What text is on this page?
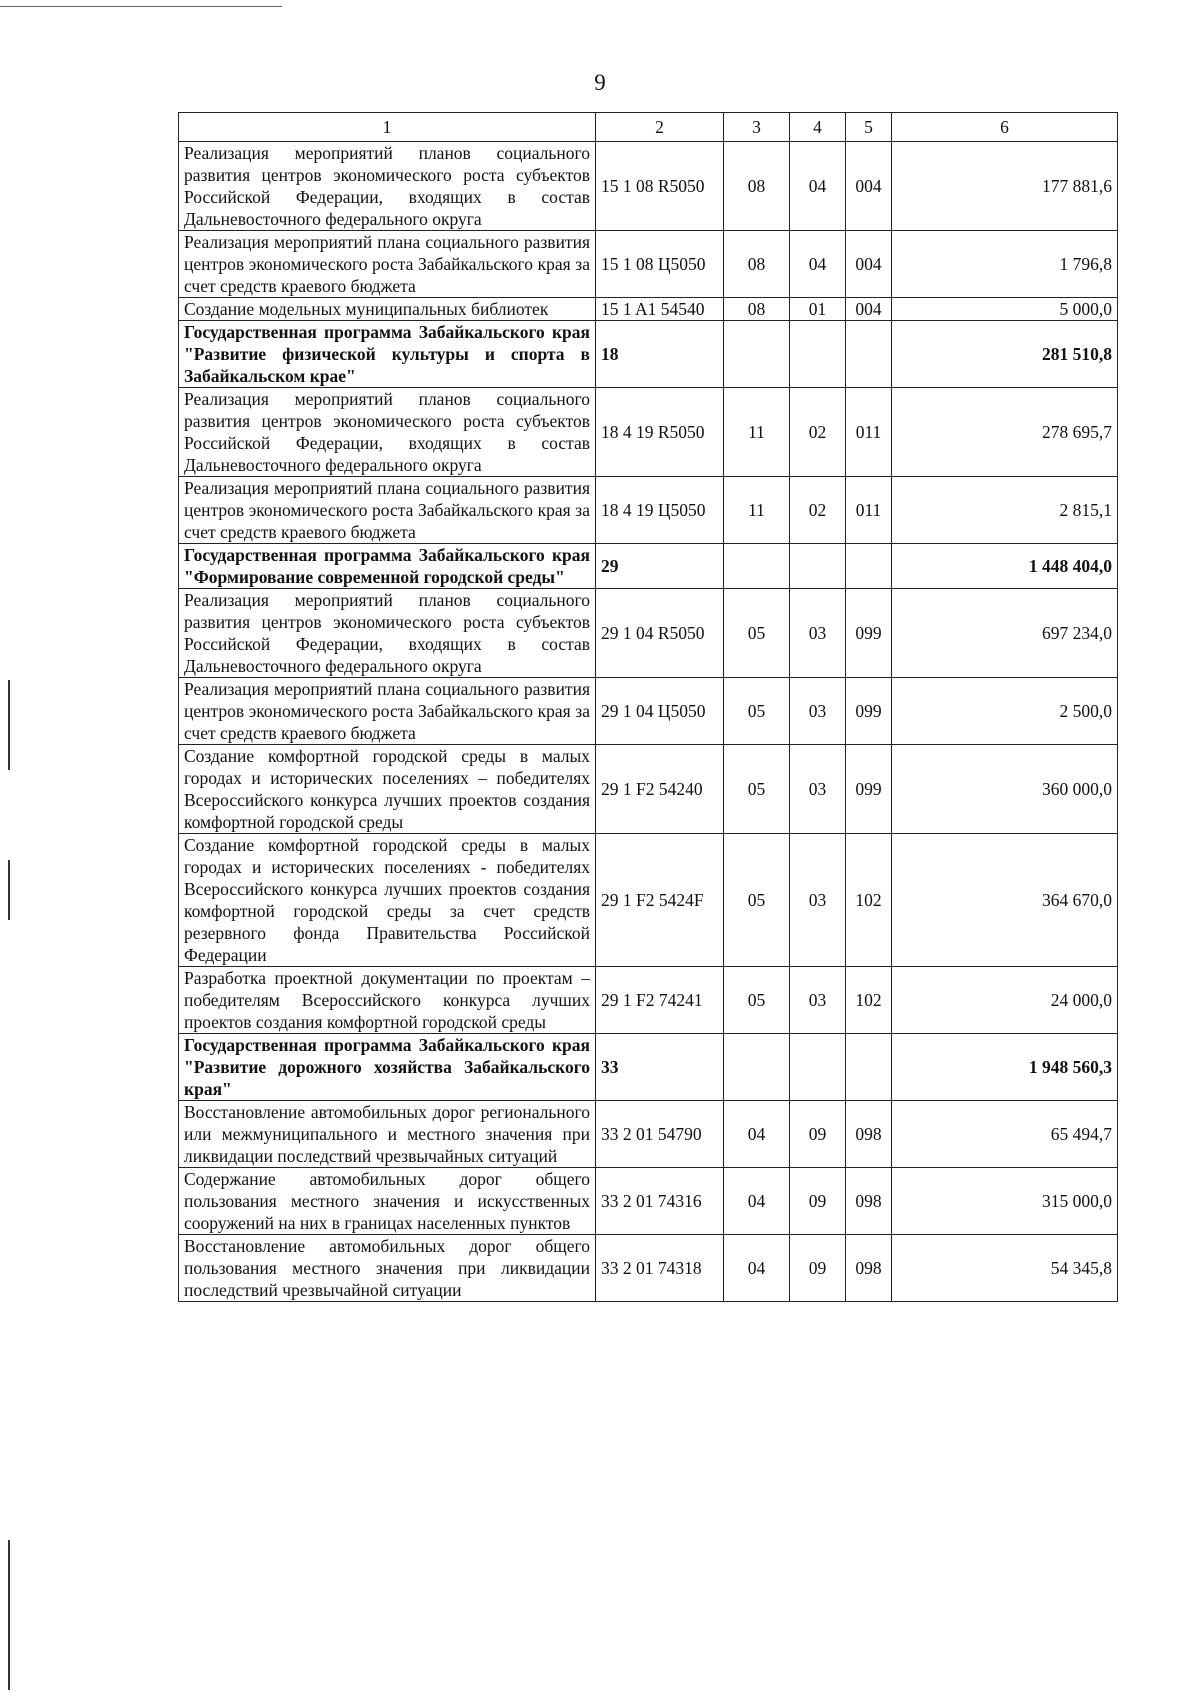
9
1	2	3	4	5	6
Реализация мероприятий планов социального развития центров экономического роста субъектов Российской Федерации, входящих в состав Дальневосточного федерального округа	15 1 08 R5050	08	04	004	177 881,6
Реализация мероприятий плана социального развития центров экономического роста Забайкальского края за счет средств краевого бюджета	15 1 08 Ц5050	08	04	004	1 796,8
Создание модельных муниципальных библиотек	15 1 A1 54540	08	01	004	5 000,0
Государственная программа Забайкальского края "Развитие физической культуры и спорта в Забайкальском крае"	18				281 510,8
Реализация мероприятий планов социального развития центров экономического роста субъектов Российской Федерации, входящих в состав Дальневосточного федерального округа	18 4 19 R5050	11	02	011	278 695,7
Реализация мероприятий плана социального развития центров экономического роста Забайкальского края за счет средств краевого бюджета	18 4 19 Ц5050	11	02	011	2 815,1
Государственная программа Забайкальского края "Формирование современной городской среды"	29				1 448 404,0
Реализация мероприятий планов социального развития центров экономического роста субъектов Российской Федерации, входящих в состав Дальневосточного федерального округа	29 1 04 R5050	05	03	099	697 234,0
Реализация мероприятий плана социального развития центров экономического роста Забайкальского края за счет средств краевого бюджета	29 1 04 Ц5050	05	03	099	2 500,0
Создание комфортной городской среды в малых городах и исторических поселениях – победителях Всероссийского конкурса лучших проектов создания комфортной городской среды	29 1 F2 54240	05	03	099	360 000,0
Создание комфортной городской среды в малых городах и исторических поселениях - победителях Всероссийского конкурса лучших проектов создания комфортной городской среды за счет средств резервного фонда Правительства Российской Федерации	29 1 F2 5424F	05	03	102	364 670,0
Разработка проектной документации по проектам – победителям Всероссийского конкурса лучших проектов создания комфортной городской среды	29 1 F2 74241	05	03	102	24 000,0
Государственная программа Забайкальского края "Развитие дорожного хозяйства Забайкальского края"	33				1 948 560,3
Восстановление автомобильных дорог регионального или межмуниципального и местного значения при ликвидации последствий чрезвычайных ситуаций	33 2 01 54790	04	09	098	65 494,7
Содержание автомобильных дорог общего пользования местного значения и искусственных сооружений на них в границах населенных пунктов	33 2 01 74316	04	09	098	315 000,0
Восстановление автомобильных дорог общего пользования местного значения при ликвидации последствий чрезвычайной ситуации	33 2 01 74318	04	09	098	54 345,8
